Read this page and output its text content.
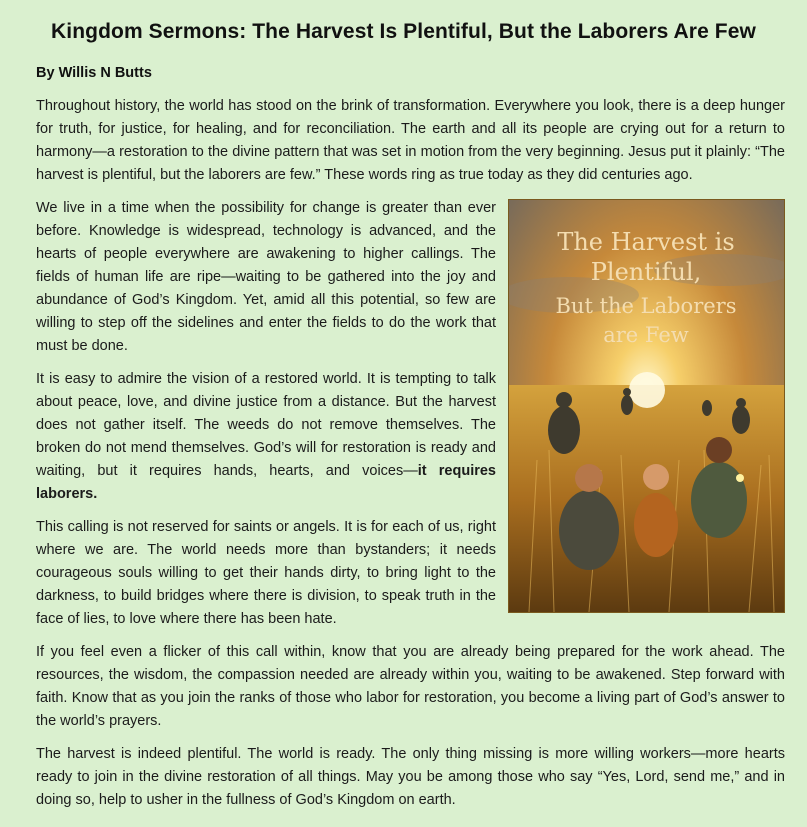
Kingdom Sermons: The Harvest Is Plentiful, But the Laborers Are Few
By Willis N Butts

Throughout history, the world has stood on the brink of transformation. Everywhere you look, there is a deep hunger for truth, for justice, for healing, and for reconciliation. The earth and all its people are crying out for a return to harmony—a restoration to the divine pattern that was set in motion from the very beginning. Jesus put it plainly: “The harvest is plentiful, but the laborers are few.” These words ring as true today as they did centuries ago.

The Harvest is
Plentiful,
But the Laborers
are Few
We live in a time when the possibility for change is greater than ever before. Knowledge is widespread, technology is advanced, and the hearts of people everywhere are awakening to higher callings. The fields of human life are ripe—waiting to be gathered into the joy and abundance of God’s Kingdom. Yet, amid all this potential, so few are willing to step off the sidelines and enter the fields to do the work that must be done.

It is easy to admire the vision of a restored world. It is tempting to talk about peace, love, and divine justice from a distance. But the harvest does not gather itself. The weeds do not remove themselves. The broken do not mend themselves. God’s will for restoration is ready and waiting, but it requires hands, hearts, and voices—it requires laborers.

This calling is not reserved for saints or angels. It is for each of us, right where we are. The world needs more than bystanders; it needs courageous souls willing to get their hands dirty, to bring light to the darkness, to build bridges where there is division, to speak truth in the face of lies, to love where there has been hate.

If you feel even a flicker of this call within, know that you are already being prepared for the work ahead. The resources, the wisdom, the compassion needed are already within you, waiting to be awakened. Step forward with faith. Know that as you join the ranks of those who labor for restoration, you become a living part of God’s answer to the world’s prayers.

The harvest is indeed plentiful. The world is ready. The only thing missing is more willing workers—more hearts ready to join in the divine restoration of all things. May you be among those who say “Yes, Lord, send me,” and in doing so, help to usher in the fullness of God’s Kingdom on earth.
